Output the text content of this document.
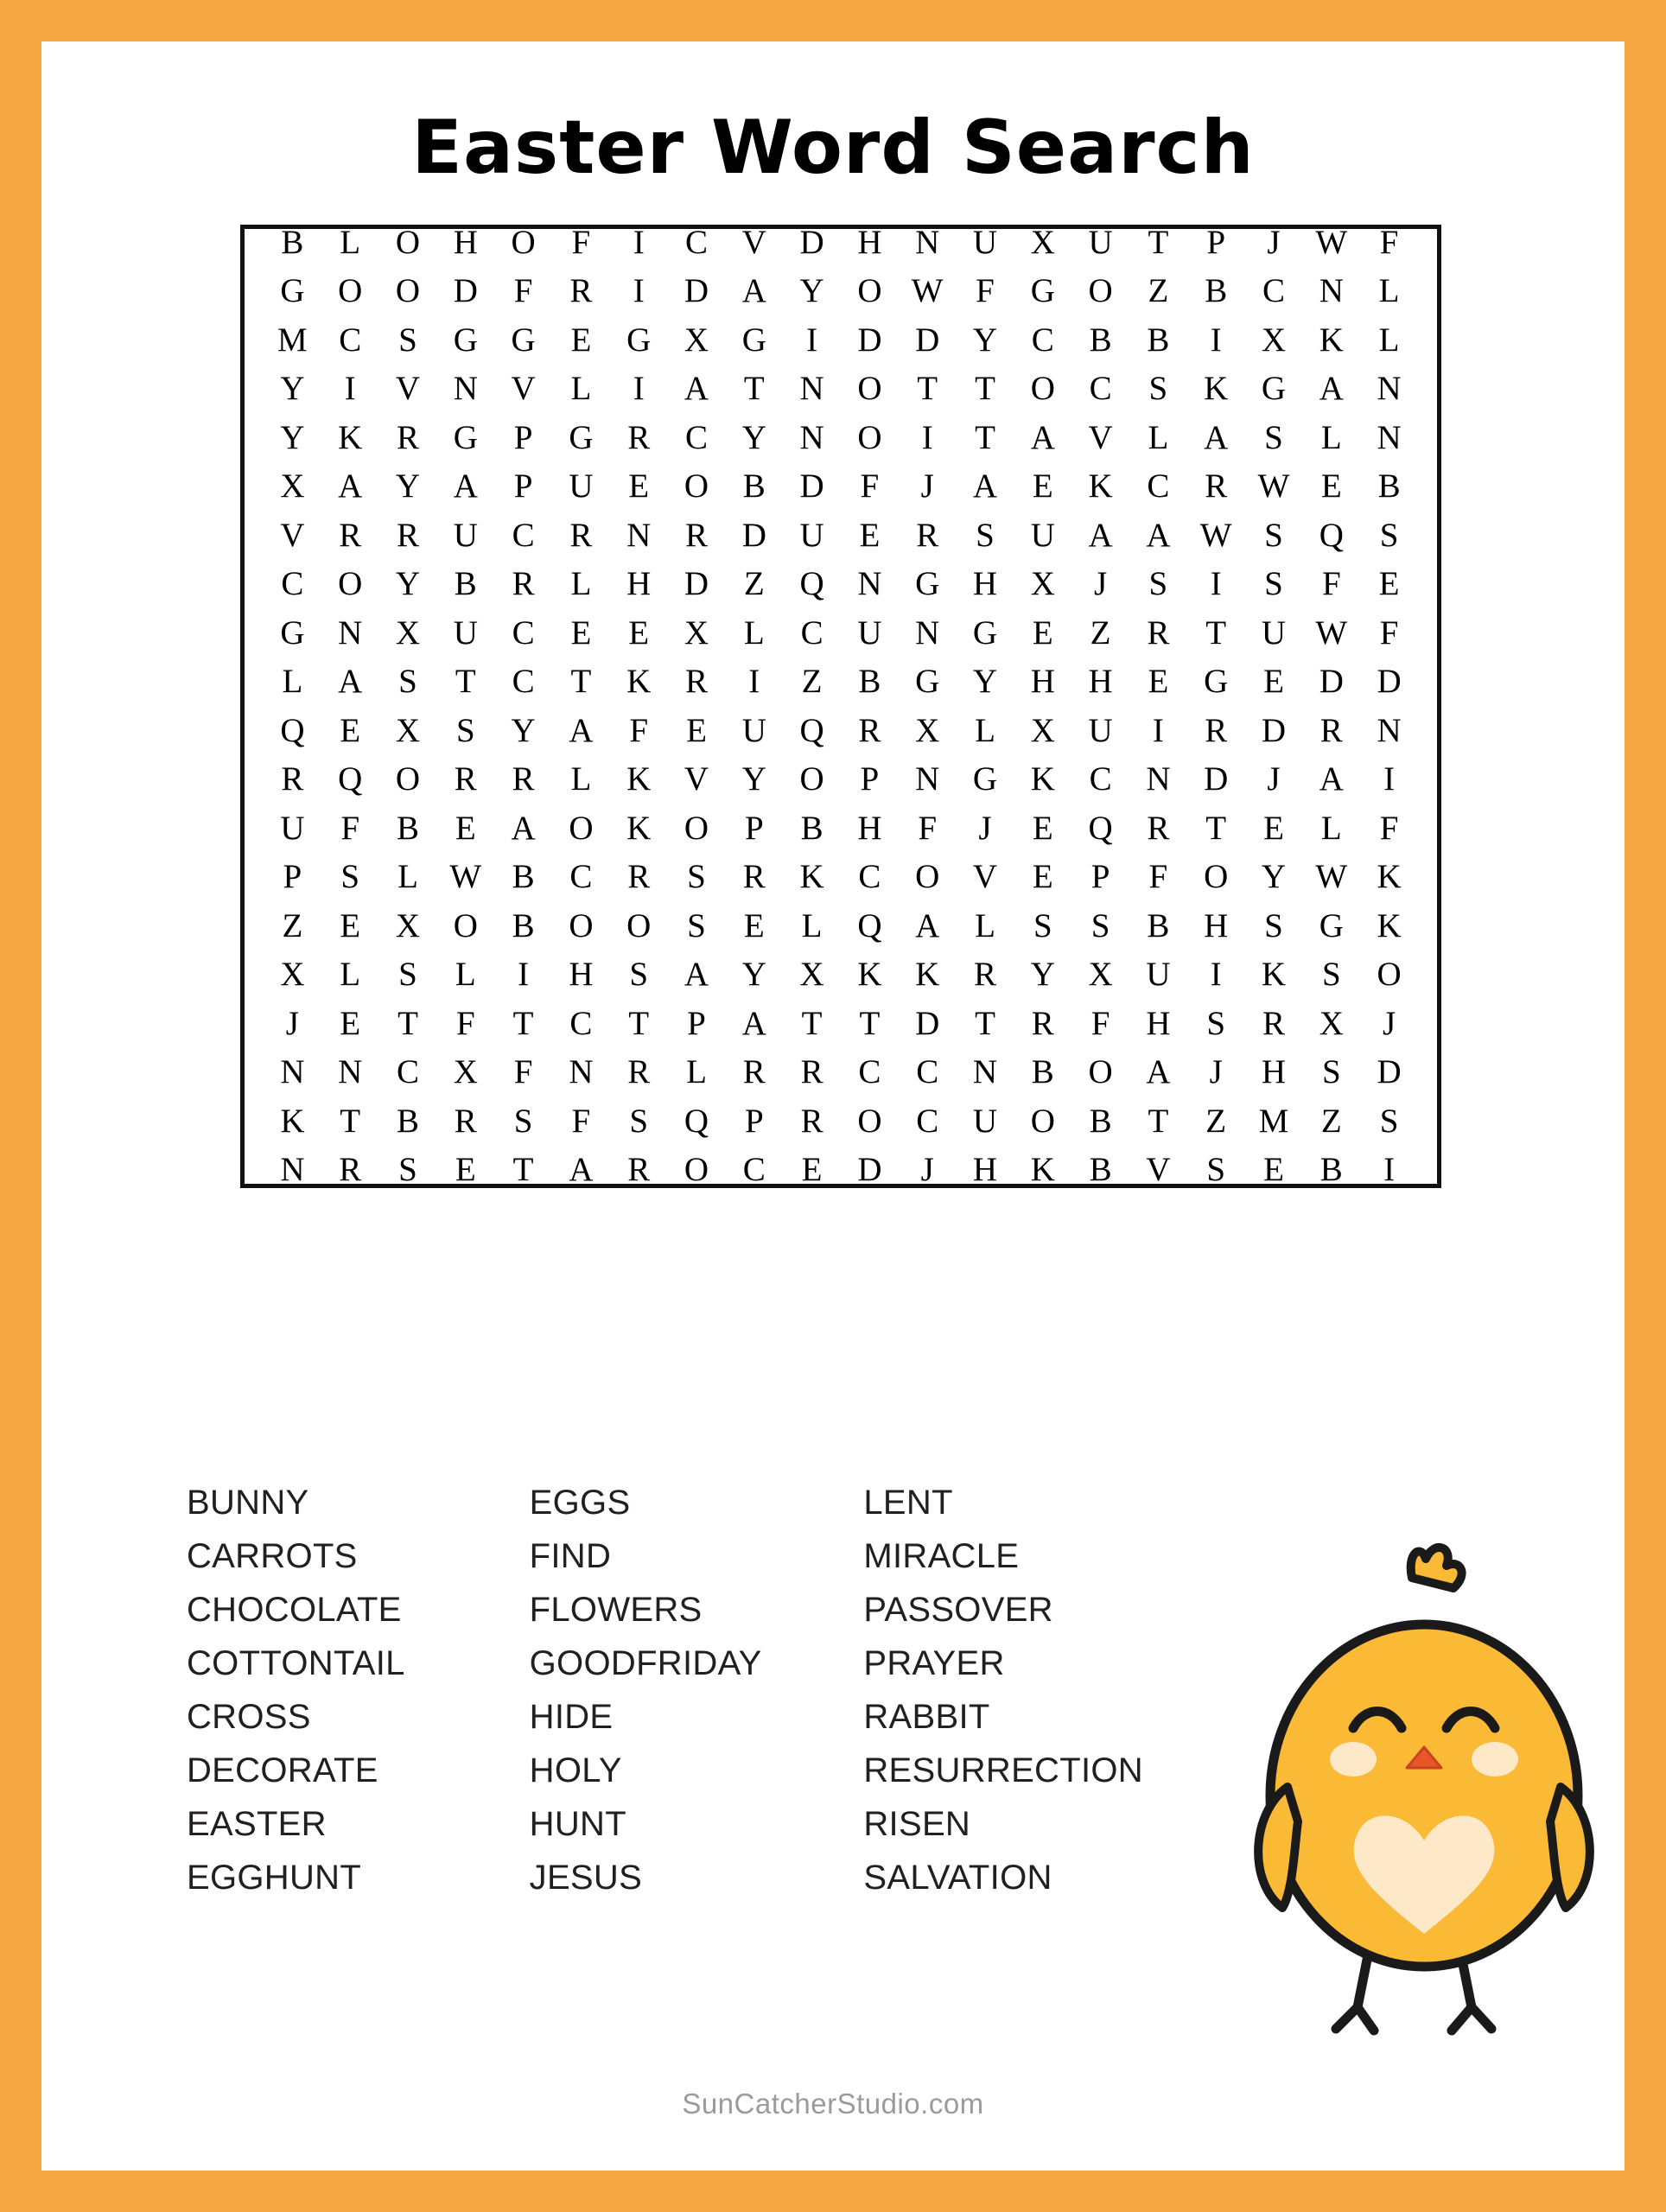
Easter Word Search
B	L	O H O	F	I	C	V D H N U X U	T	P	J	W F
G O O D	F	R	I	D A Y O W F	G O	Z	B	C	N	L
M C	S	G G	E	G X G	I	D D Y	C	B	B	I	X K	L
Y	I	V N V	L	I	A	T	N O	T	T	O	C	S	K G A N
Y K	R	G	P	G	R	C	Y N O	I	T	A V	L	A	S	L	N
X A Y A	P	U	E	O	B	D	F	J	A	E	K	C	R W E	B
V	R	R	U	C	R	N	R	D U	E	R	S	U A A W S	Q	S
C	O Y	B	R	L	H D	Z	Q N G H X	J	S	I	S	F	E
G N X U	C	E	E	X	L	C	U N G	E	Z	R	T	U W F
L	A	S	T	C	T	K	R	I	Z	B	G Y H H	E	G	E	D D
Q	E	X	S	Y A	F	E	U Q	R	X	L	X U	I	R	D	R	N
R	Q O	R	R	L	K V Y O	P	N G K	C	N D	J	A	I
U	F	B	E	A O K O	P	B	H	F	J	E	Q	R	T	E	L	F
P	S	L W B	C	R	S	R	K	C	O V	E	P	F	O Y W K
Z	E	X O	B	O O	S	E	L	Q A	L	S	S	B	H	S	G K
X	L	S	L	I	H	S	A Y X K K	R	Y X U	I	K	S	O
J	E	T	F	T	C	T	P	A	T	T	D	T	R	F	H	S	R	X	J
N N	C	X	F	N	R	L	R	R	C	C	N	B	O A	J	H	S	D
K	T	B	R	S	F	S	Q	P	R	O	C	U O	B	T	Z M Z	S
N	R	S	E	T	A	R	O	C	E	D	J	H K	B	V	S	E	B	I
BUNNY
CARROTS
CHOCOLATE
COTTONTAIL
CROSS
DECORATE
EASTER
EGGHUNT
EGGS
FIND
FLOWERS
GOODFRIDAY
HIDE
HOLY
HUNT
JESUS
LENT
MIRACLE
PASSOVER
PRAYER
RABBIT
RESURRECTION
RISEN
SALVATION
SunCatcherStudio.com
